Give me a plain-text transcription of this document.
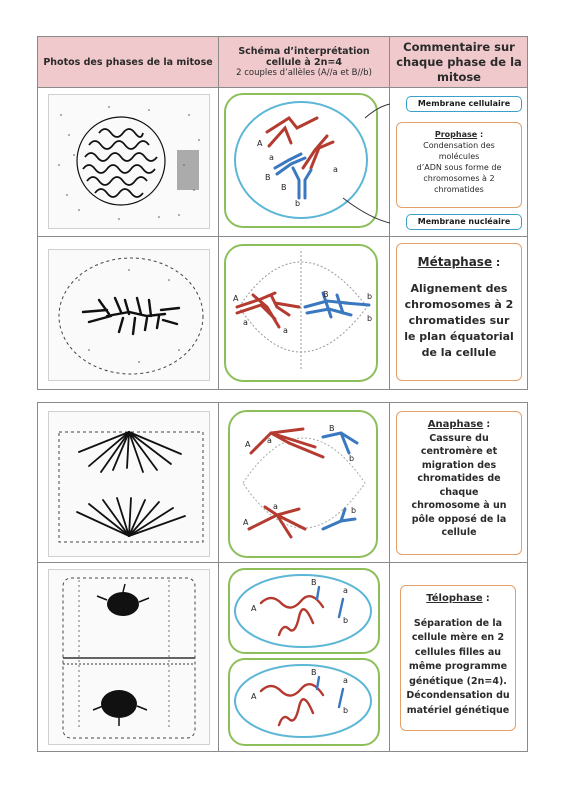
Photos des phases de la mitose
Schéma d’interprétation
cellule à 2n=4
2 couples d’allèles (A//a et B//b)
Commentaire sur
chaque phase de la
mitose
A
a
B
B
a
b
Membrane cellulaire
Prophase :
Condensation des
molécules
d’ADN sous forme de
chromosomes à 2
chromatides
Membrane nucléaire
A
a
a
B	b
b
Métaphase :
Alignement des
chromosomes à 2
chromatides sur
le plan équatorial
de la cellule
A a
B
b
A
a	b
Anaphase :
Cassure du
centromère et
migration des
chromatides de
chaque
chromosome à un
pôle opposé de la
cellule
A
B
a
b
A
B
a
b
Télophase :
Séparation de la
cellule mère en 2
cellules filles au
même programme
génétique (2n=4).
Décondensation du
matériel génétique
